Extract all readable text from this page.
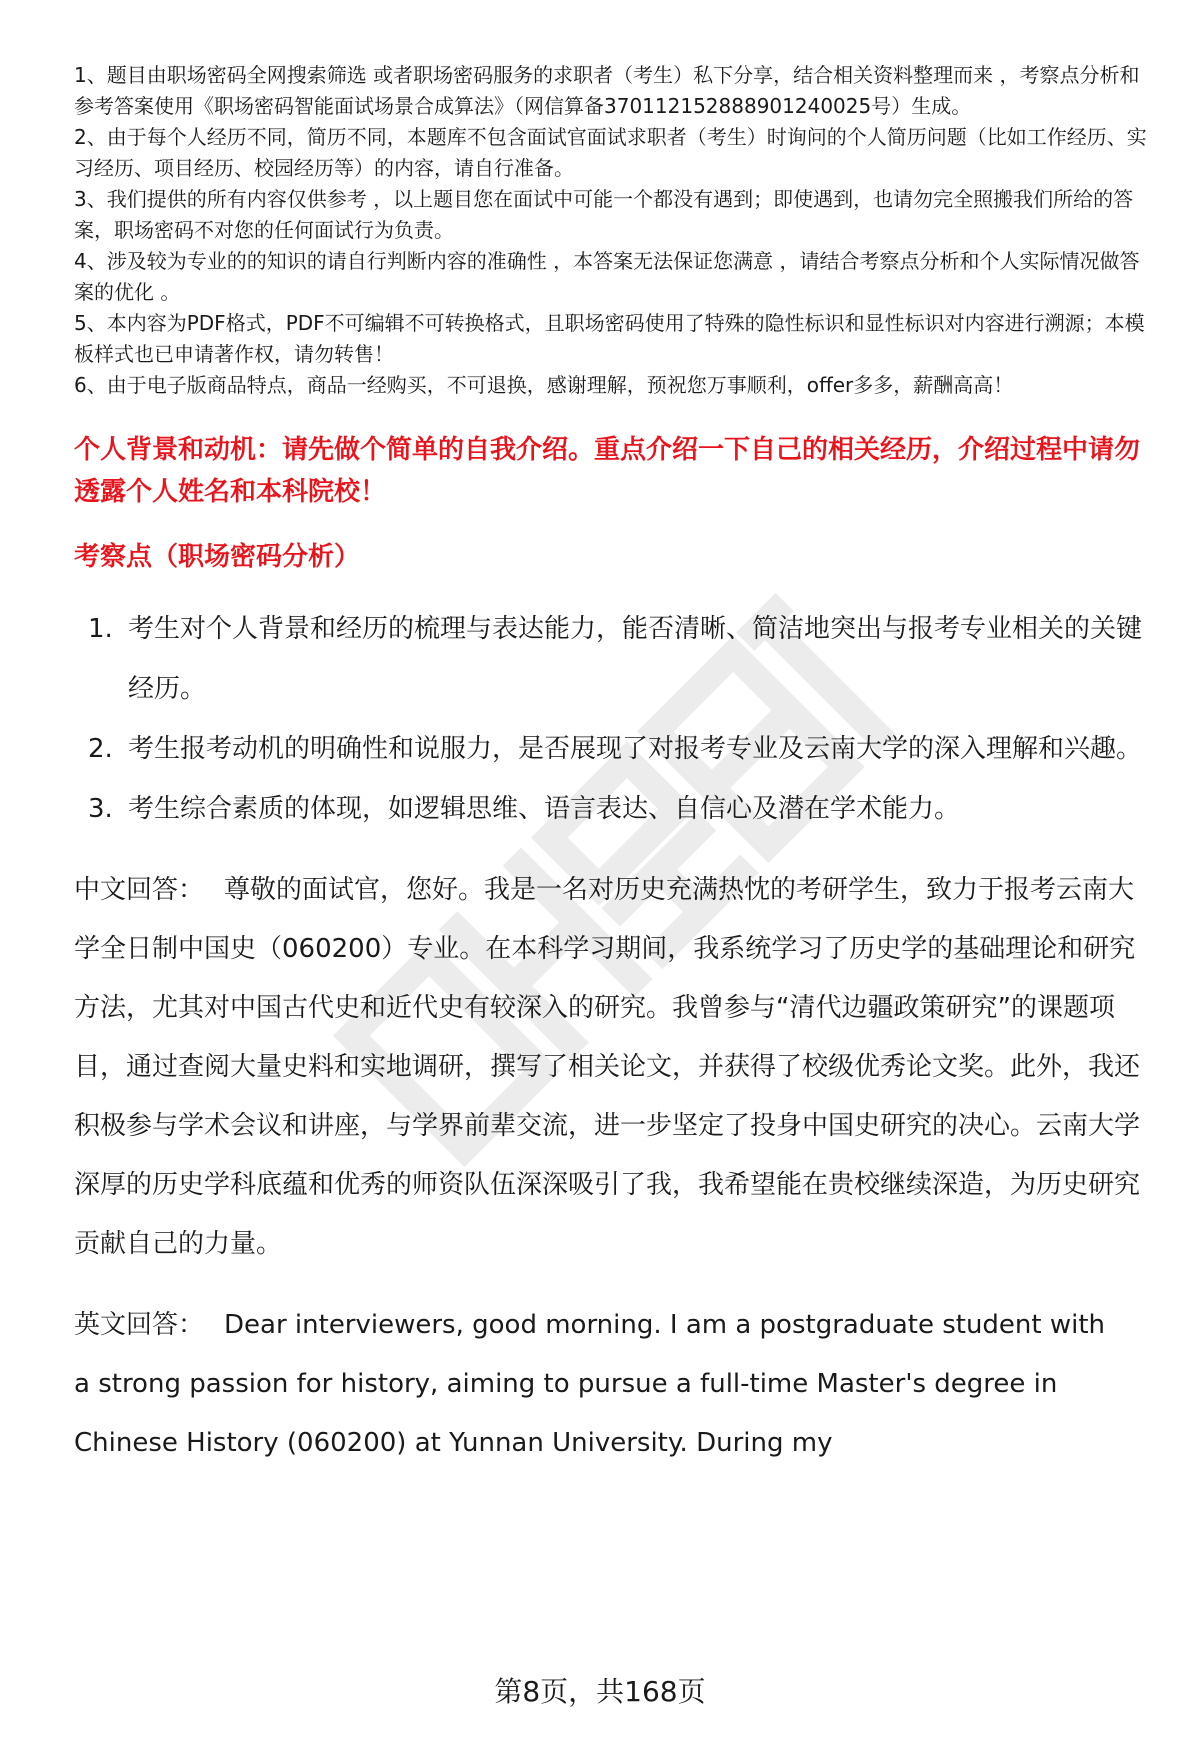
1、题目由职场密码全网搜索筛选 或者职场密码服务的求职者（考生）私下分享，结合相关资料整理而来 ，考察点分析和参考答案使用《职场密码智能面试场景合成算法》（网信算备370112152888901240025号）生成。
2、由于每个人经历不同，简历不同，本题库不包含面试官面试求职者（考生）时询问的个人简历问题（比如工作经历、实习经历、项目经历、校园经历等）的内容，请自行准备。
3、我们提供的所有内容仅供参考 ，以上题目您在面试中可能一个都没有遇到；即使遇到，也请勿完全照搬我们所给的答案，职场密码不对您的任何面试行为负责。
4、涉及较为专业的的知识的请自行判断内容的准确性 ，本答案无法保证您满意 ，请结合考察点分析和个人实际情况做答案的优化 。
5、本内容为PDF格式，PDF不可编辑不可转换格式，且职场密码使用了特殊的隐性标识和显性标识对内容进行溯源；本模板样式也已申请著作权，请勿转售！
6、由于电子版商品特点，商品一经购买，不可退换，感谢理解，预祝您万事顺利，offer多多，薪酬高高！
个人背景和动机：请先做个简单的自我介绍。重点介绍一下自己的相关经历，介绍过程中请勿透露个人姓名和本科院校！
考察点（职场密码分析）
1. 考生对个人背景和经历的梳理与表达能力，能否清晰、简洁地突出与报考专业相关的关键经历。
2. 考生报考动机的明确性和说服力，是否展现了对报考专业及云南大学的深入理解和兴趣。
3. 考生综合素质的体现，如逻辑思维、语言表达、自信心及潜在学术能力。
中文回答： 尊敬的面试官，您好。我是一名对历史充满热忱的考研学生，致力于报考云南大学全日制中国史（060200）专业。在本科学习期间，我系统学习了历史学的基础理论和研究方法，尤其对中国古代史和近代史有较深入的研究。我曾参与“清代边疆政策研究”的课题项目，通过查阅大量史料和实地调研，撰写了相关论文，并获得了校级优秀论文奖。此外，我还积极参与学术会议和讲座，与学界前辈交流，进一步坚定了投身中国史研究的决心。云南大学深厚的历史学科底蕴和优秀的师资队伍深深吸引了我，我希望能在贵校继续深造，为历史研究贡献自己的力量。
英文回答： Dear interviewers, good morning. I am a postgraduate student with a strong passion for history, aiming to pursue a full-time Master's degree in Chinese History (060200) at Yunnan University. During my
第8页，共168页
